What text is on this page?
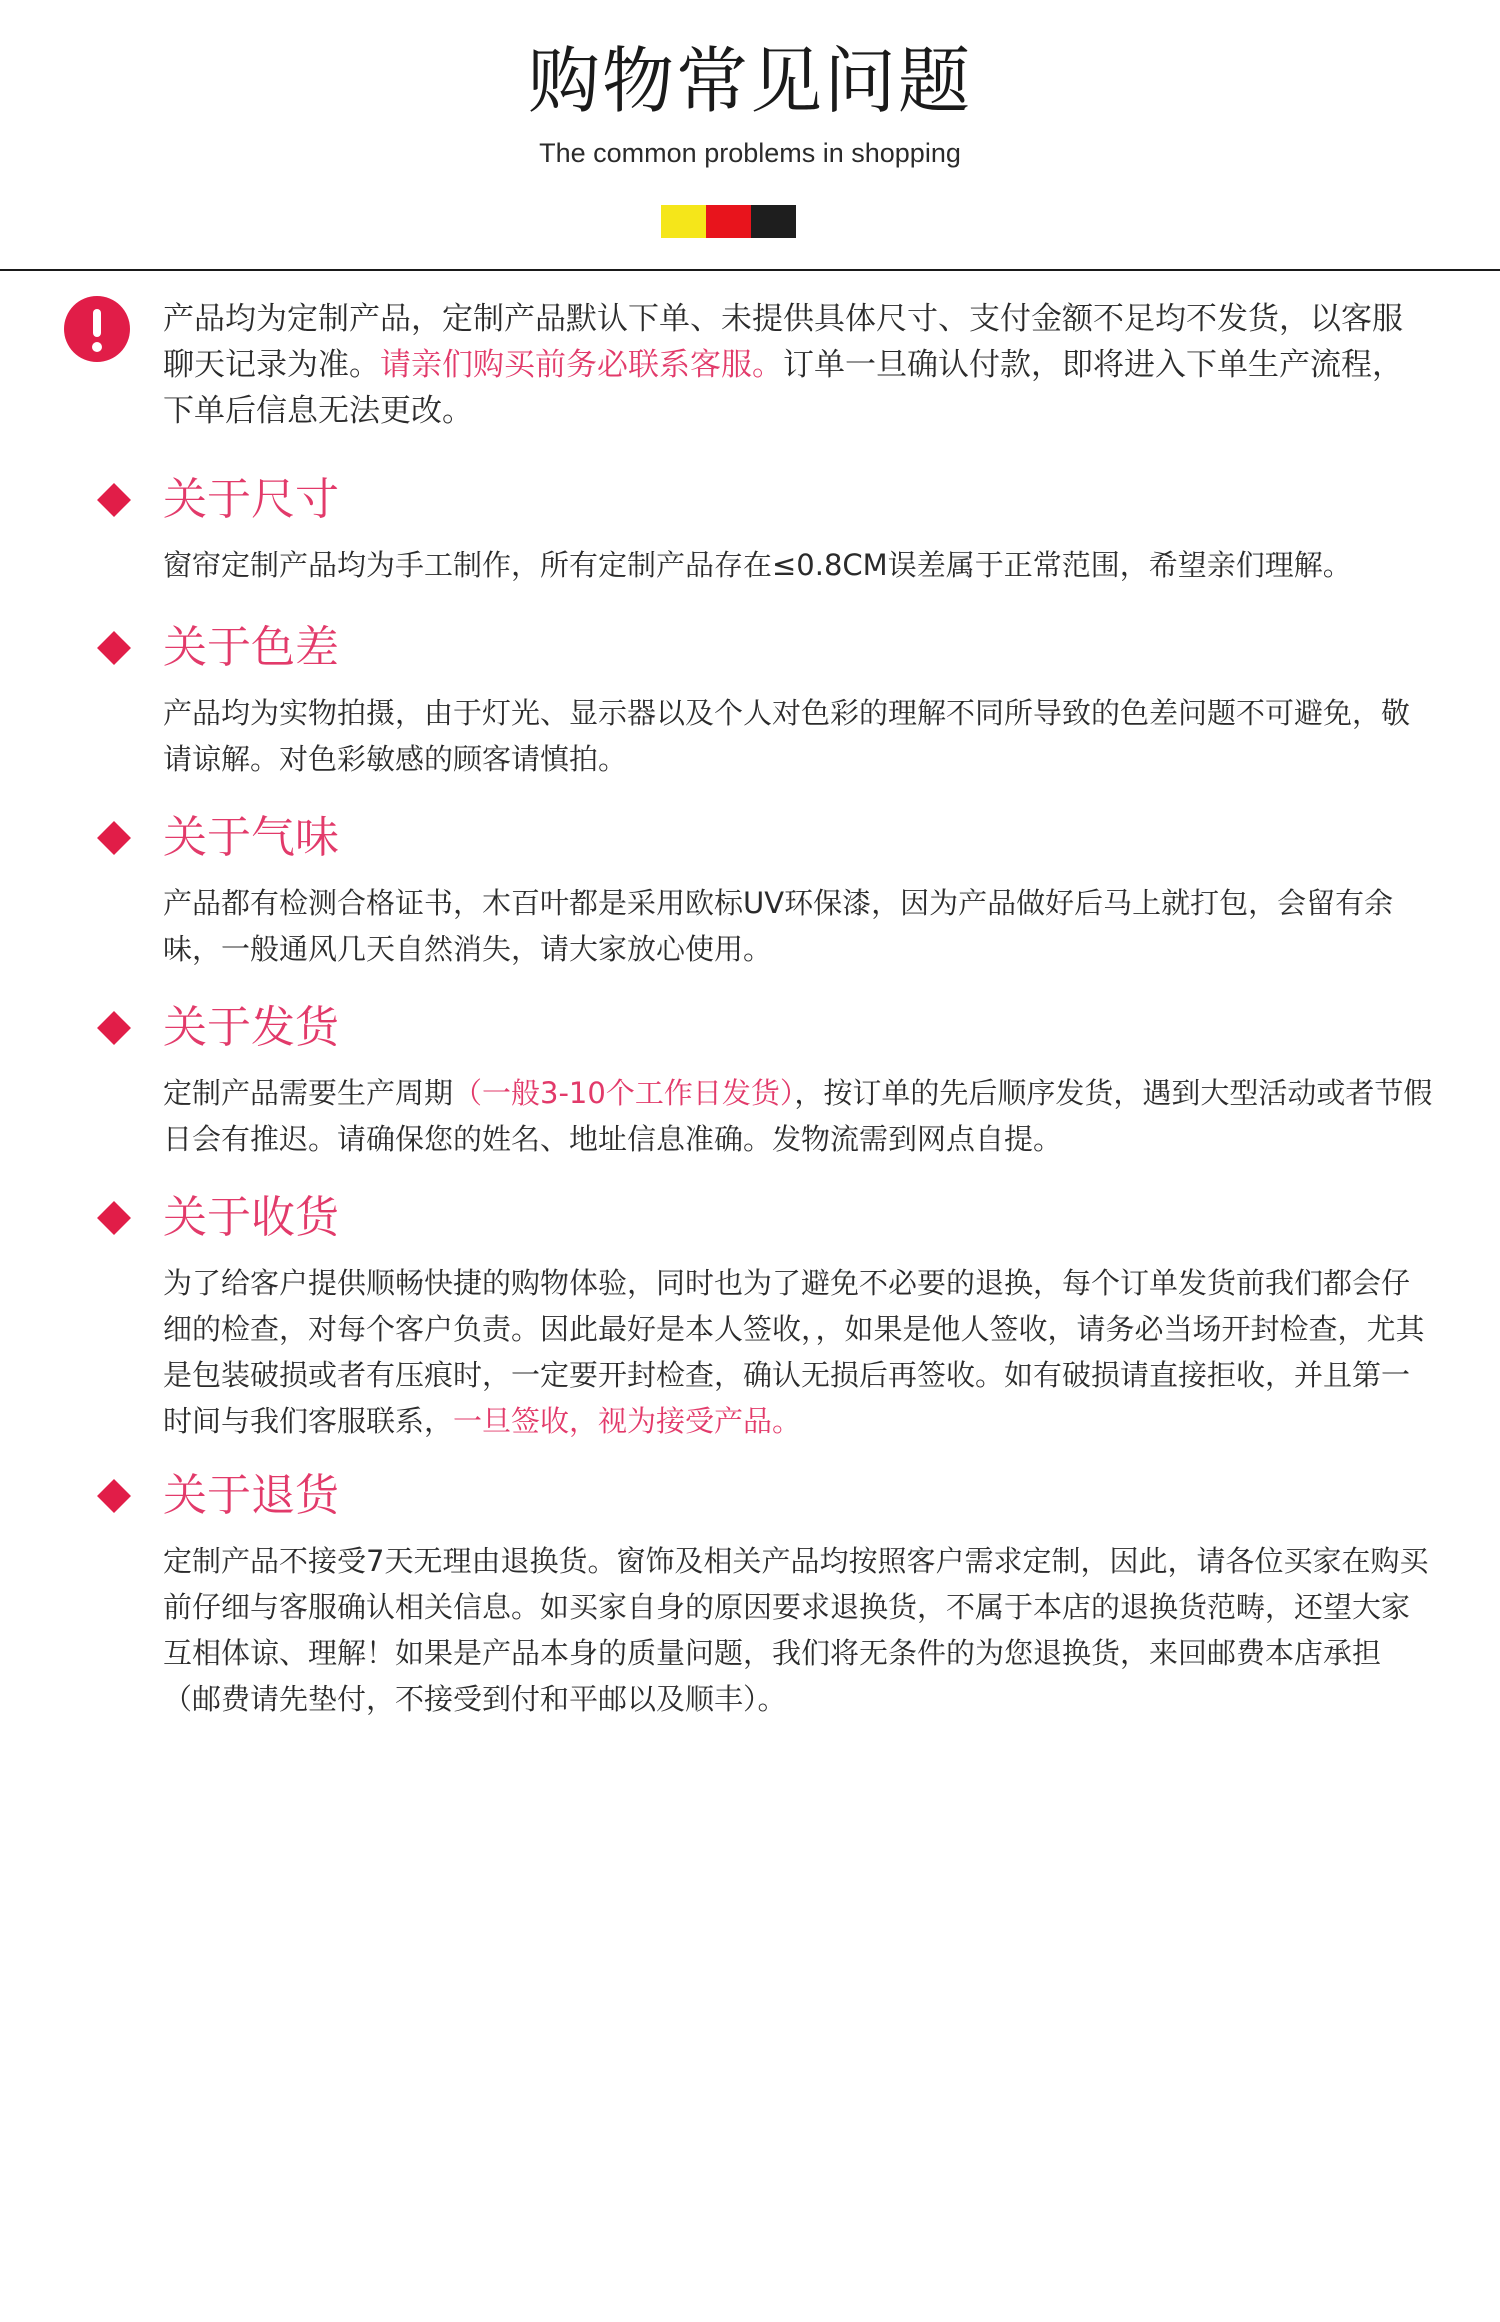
购物常见问题
The common problems in shopping
产品均为定制产品，定制产品默认下单、未提供具体尺寸、支付金额不足均不发货，以客服聊天记录为准。请亲们购买前务必联系客服。订单一旦确认付款，即将进入下单生产流程，下单后信息无法更改。
关于尺寸
窗帘定制产品均为手工制作，所有定制产品存在≤0.8CM误差属于正常范围，希望亲们理解。
关于色差
产品均为实物拍摄，由于灯光、显示器以及个人对色彩的理解不同所导致的色差问题不可避免，敬请谅解。对色彩敏感的顾客请慎拍。
关于气味
产品都有检测合格证书，木百叶都是采用欧标UV环保漆，因为产品做好后马上就打包，会留有余味，一般通风几天自然消失，请大家放心使用。
关于发货
定制产品需要生产周期（一般3-10个工作日发货），按订单的先后顺序发货，遇到大型活动或者节假日会有推迟。请确保您的姓名、地址信息准确。发物流需到网点自提。
关于收货
为了给客户提供顺畅快捷的购物体验，同时也为了避免不必要的退换，每个订单发货前我们都会仔细的检查，对每个客户负责。因此最好是本人签收，，如果是他人签收，请务必当场开封检查，尤其是包装破损或者有压痕时，一定要开封检查，确认无损后再签收。如有破损请直接拒收，并且第一时间与我们客服联系，一旦签收，视为接受产品。
关于退货
定制产品不接受7天无理由退换货。窗饰及相关产品均按照客户需求定制，因此，请各位买家在购买前仔细与客服确认相关信息。如买家自身的原因要求退换货，不属于本店的退换货范畴，还望大家互相体谅、理解！如果是产品本身的质量问题，我们将无条件的为您退换货，来回邮费本店承担（邮费请先垫付，不接受到付和平邮以及顺丰）。
